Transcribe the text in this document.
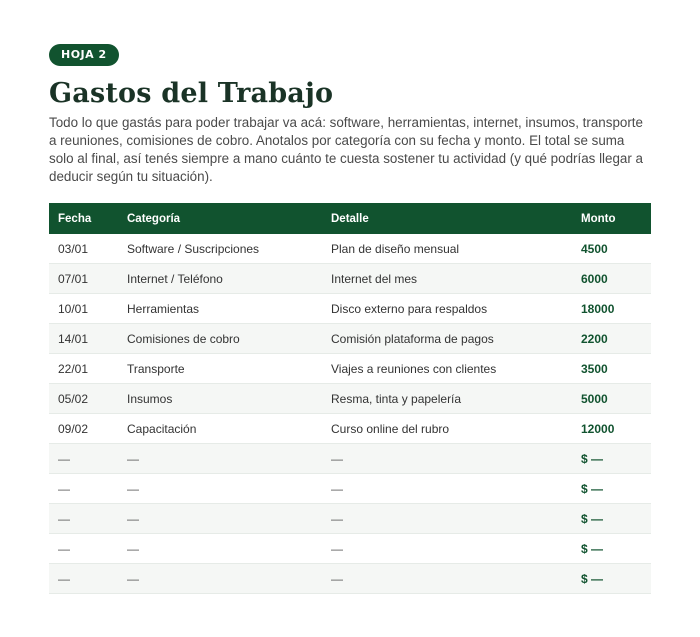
HOJA 2
Gastos del Trabajo

Todo lo que gastás para poder trabajar va acá: software, herramientas, internet, insumos, transporte a reuniones, comisiones de cobro. Anotalos por categoría con su fecha y monto. El total se suma solo al final, así tenés siempre a mano cuánto te cuesta sostener tu actividad (y qué podrías llegar a deducir según tu situación).

Fecha	Categoría	Detalle	Monto
03/01	Software / Suscripciones	Plan de diseño mensual	4500
07/01	Internet / Teléfono	Internet del mes	6000
10/01	Herramientas	Disco externo para respaldos	18000
14/01	Comisiones de cobro	Comisión plataforma de pagos	2200
22/01	Transporte	Viajes a reuniones con clientes	3500
05/02	Insumos	Resma, tinta y papelería	5000
09/02	Capacitación	Curso online del rubro	12000
—	—	—	$ —
—	—	—	$ —
—	—	—	$ —
—	—	—	$ —
—	—	—	$ —
